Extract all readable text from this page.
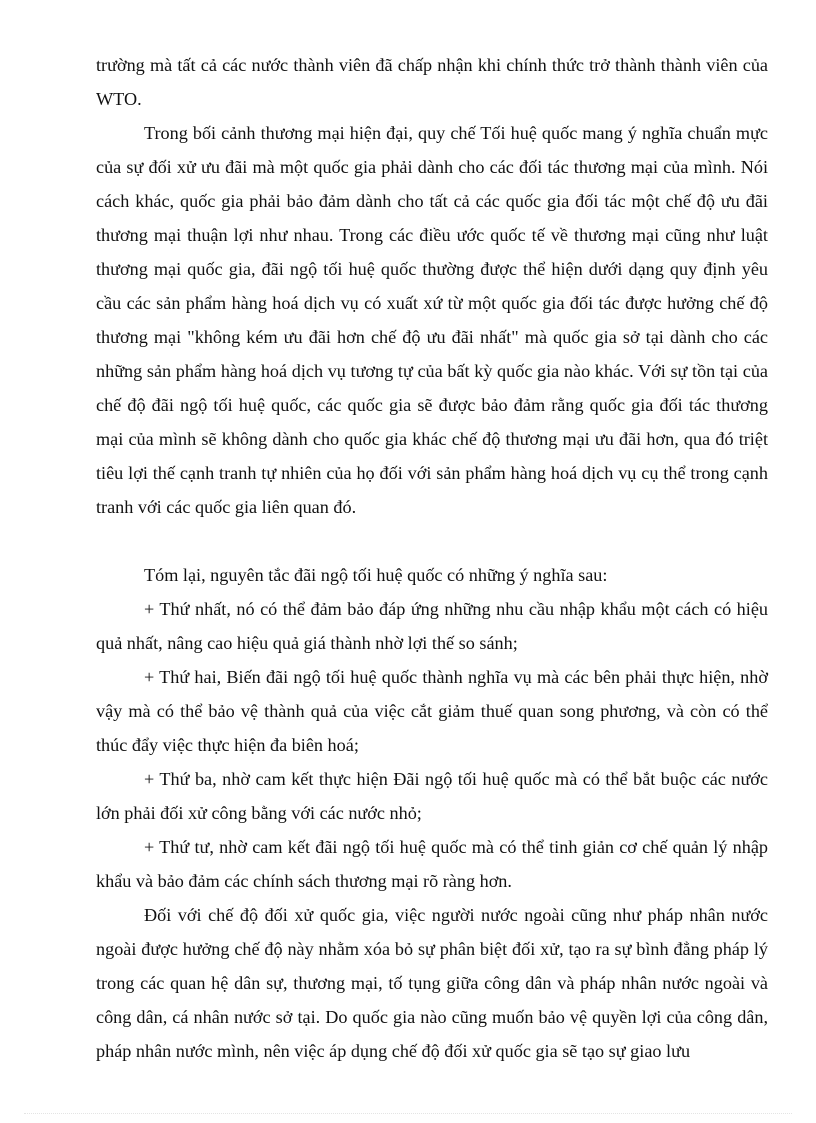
trường mà tất cả các nước thành viên đã chấp nhận khi chính thức trở thành thành viên của WTO.

Trong bối cảnh thương mại hiện đại, quy chế Tối huệ quốc mang ý nghĩa chuẩn mực của sự đối xử ưu đãi mà một quốc gia phải dành cho các đối tác thương mại của mình. Nói cách khác, quốc gia phải bảo đảm dành cho tất cả các quốc gia đối tác một chế độ ưu đãi thương mại thuận lợi như nhau. Trong các điều ước quốc tế về thương mại cũng như luật thương mại quốc gia, đãi ngộ tối huệ quốc thường được thể hiện dưới dạng quy định yêu cầu các sản phẩm hàng hoá dịch vụ có xuất xứ từ một quốc gia đối tác được hưởng chế độ thương mại "không kém ưu đãi hơn chế độ ưu đãi nhất" mà quốc gia sở tại dành cho các những sản phẩm hàng hoá dịch vụ tương tự của bất kỳ quốc gia nào khác. Với sự tồn tại của chế độ đãi ngộ tối huệ quốc, các quốc gia sẽ được bảo đảm rằng quốc gia đối tác thương mại của mình sẽ không dành cho quốc gia khác chế độ thương mại ưu đãi hơn, qua đó triệt tiêu lợi thế cạnh tranh tự nhiên của họ đối với sản phẩm hàng hoá dịch vụ cụ thể trong cạnh tranh với các quốc gia liên quan đó.

Tóm lại, nguyên tắc đãi ngộ tối huệ quốc có những ý nghĩa sau:

+ Thứ nhất, nó có thể đảm bảo đáp ứng những nhu cầu nhập khẩu một cách có hiệu quả nhất, nâng cao hiệu quả giá thành nhờ lợi thế so sánh;

+ Thứ hai, Biến đãi ngộ tối huệ quốc thành nghĩa vụ mà các bên phải thực hiện, nhờ vậy mà có thể bảo vệ thành quả của việc cắt giảm thuế quan song phương, và còn có thể thúc đẩy việc thực hiện đa biên hoá;

+ Thứ ba, nhờ cam kết thực hiện Đãi ngộ tối huệ quốc mà có thể bắt buộc các nước lớn phải đối xử công bằng với các nước nhỏ;

+ Thứ tư, nhờ cam kết đãi ngộ tối huệ quốc mà có thể tinh giản cơ chế quản lý nhập khẩu và bảo đảm các chính sách thương mại rõ ràng hơn.

Đối với chế độ đối xử quốc gia, việc người nước ngoài cũng như pháp nhân nước ngoài được hưởng chế độ này nhằm xóa bỏ sự phân biệt đối xử, tạo ra sự bình đẳng pháp lý trong các quan hệ dân sự, thương mại, tố tụng giữa công dân và pháp nhân nước ngoài và công dân, cá nhân nước sở tại. Do quốc gia nào cũng muốn bảo vệ quyền lợi của công dân, pháp nhân nước mình, nên việc áp dụng chế độ đối xử quốc gia sẽ tạo sự giao lưu
